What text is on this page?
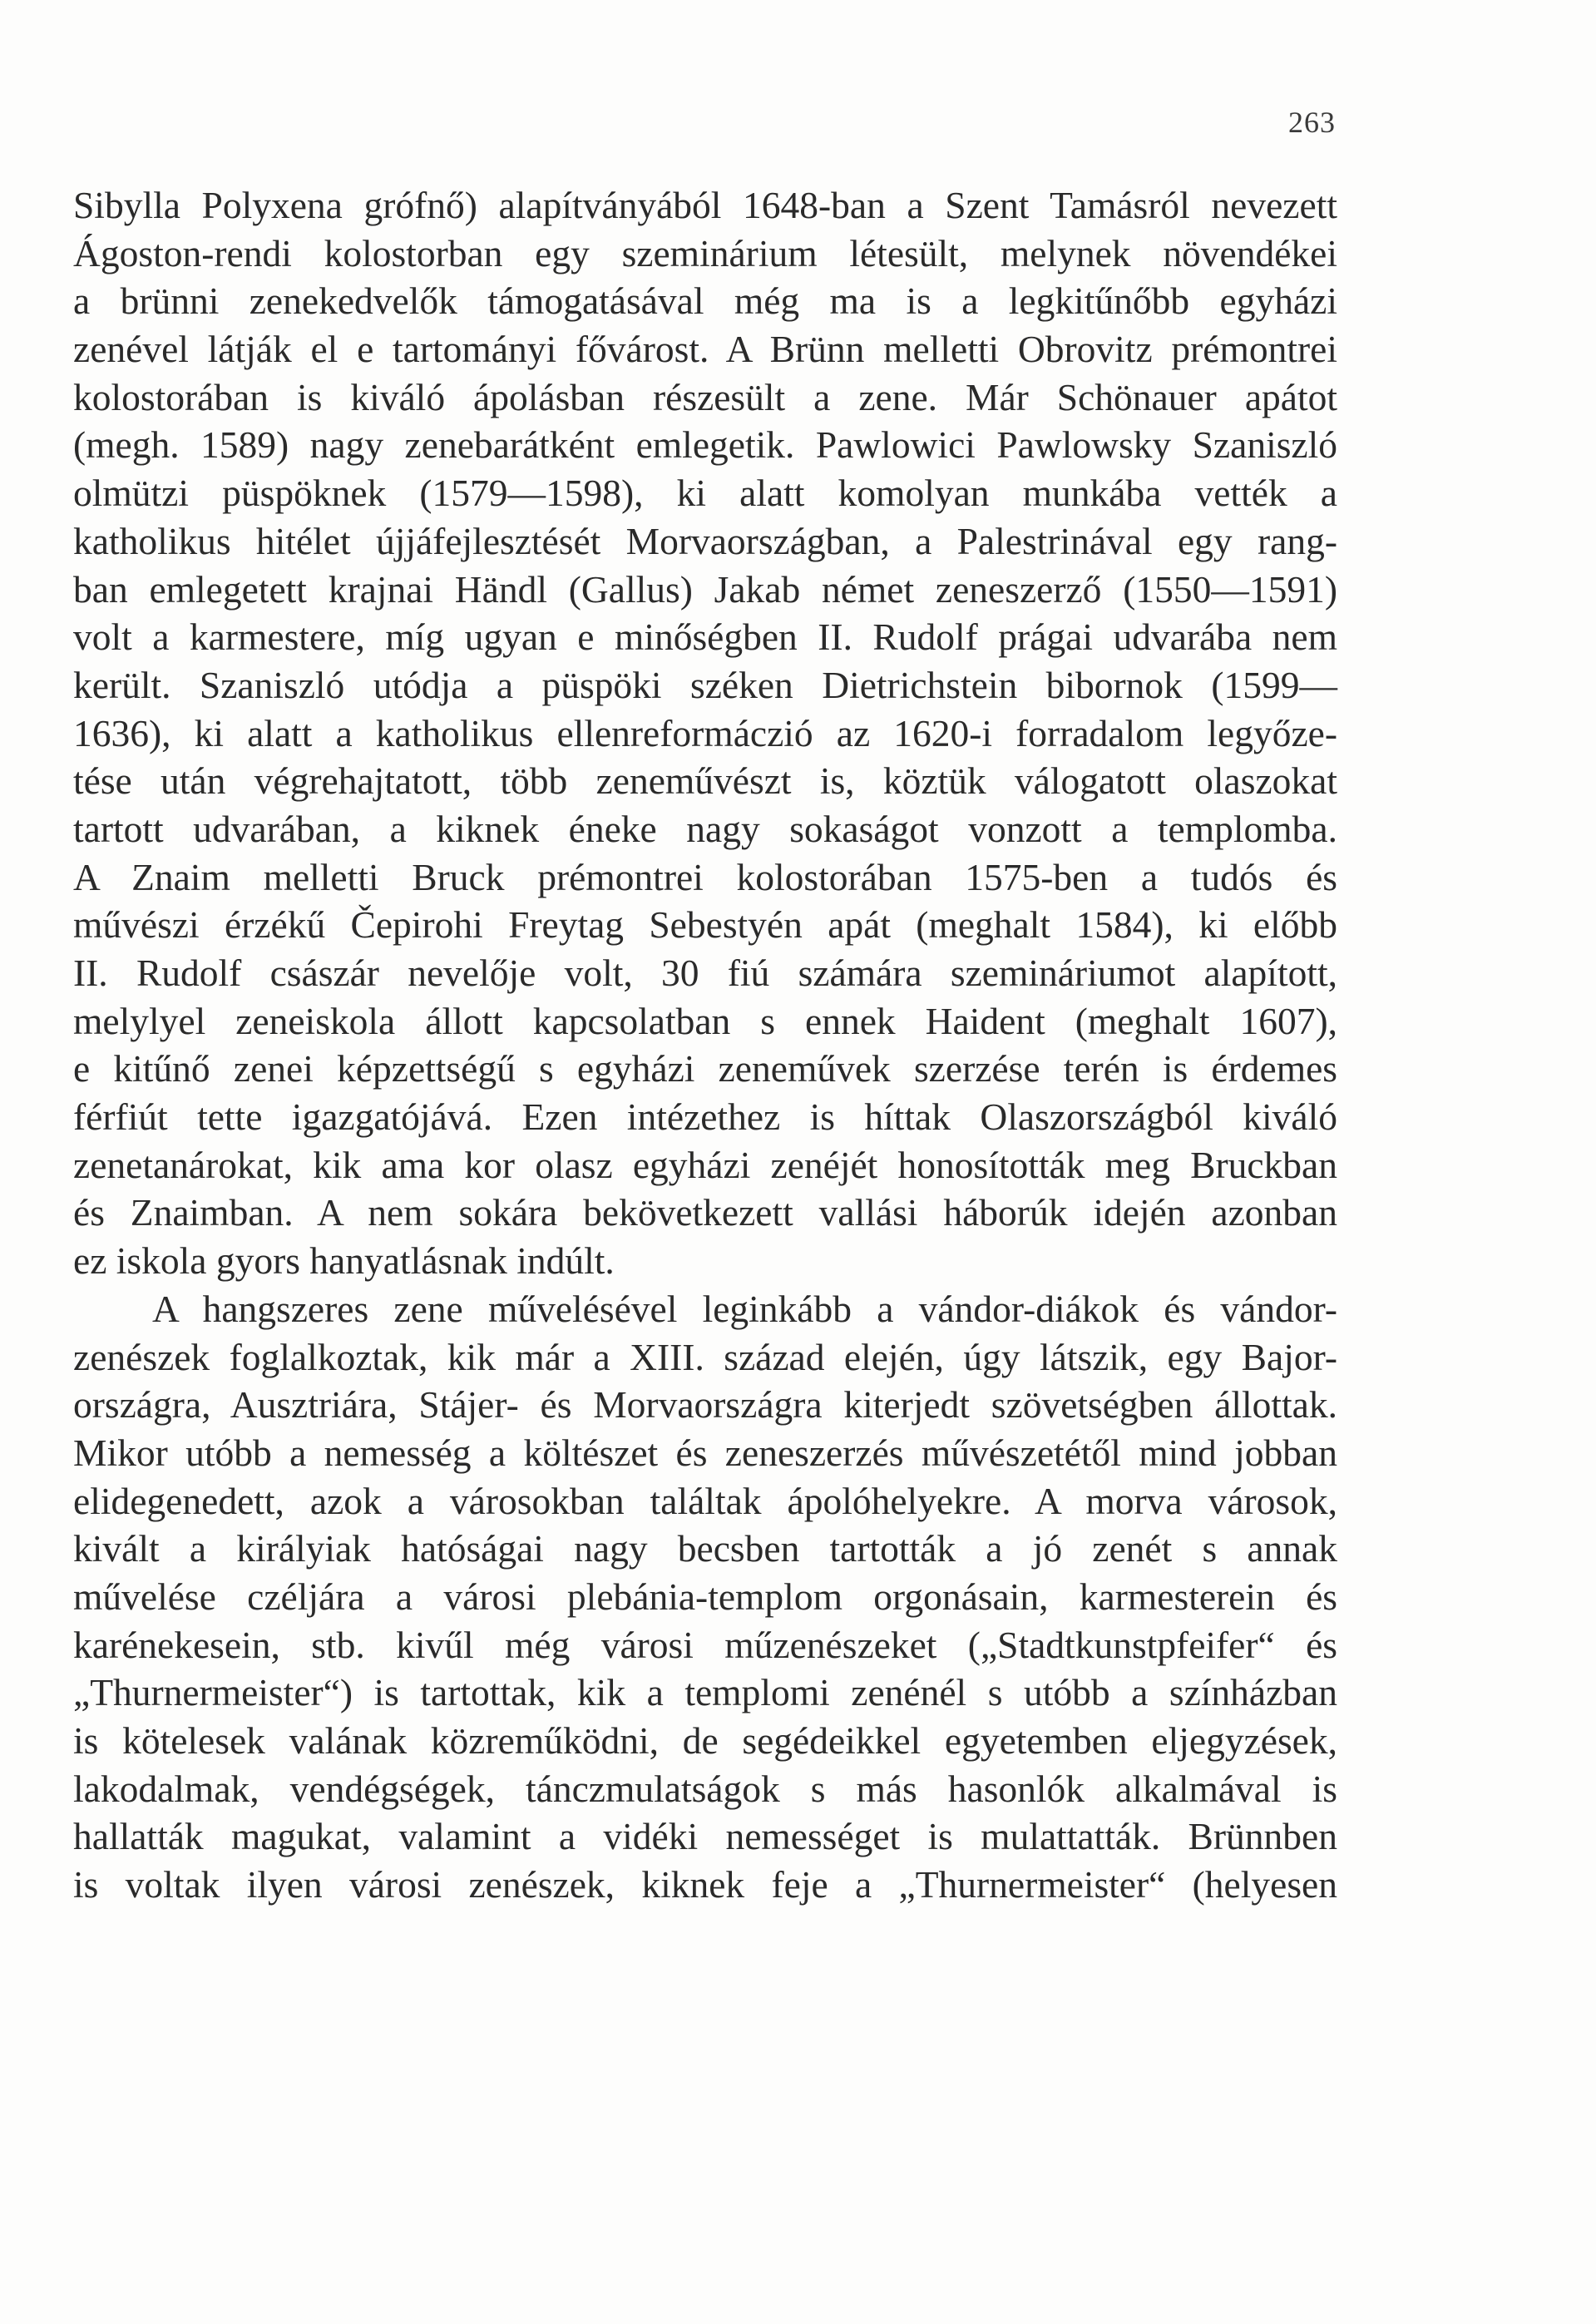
263
Sibylla Polyxena grófnő) alapítványából 1648-ban a Szent Tamásról nevezett
Ágoston-rendi kolostorban egy szeminárium létesült, melynek növendékei
a brünni zenekedvelők támogatásával még ma is a legkitűnőbb egyházi
zenével látják el e tartományi fővárost. A Brünn melletti Obrovitz prémontrei
kolostorában is kiváló ápolásban részesült a zene. Már Schönauer apátot
(megh. 1589) nagy zenebarátként emlegetik. Pawlowici Pawlowsky Szaniszló
olmützi püspöknek (1579—1598), ki alatt komolyan munkába vették a
katholikus hitélet újjáfejlesztését Morvaországban, a Palestrinával egy rang-
ban emlegetett krajnai Händl (Gallus) Jakab német zeneszerző (1550—1591)
volt a karmestere, míg ugyan e minőségben II. Rudolf prágai udvarába nem
került. Szaniszló utódja a püspöki széken Dietrichstein bibornok (1599—
1636), ki alatt a katholikus ellenreformáczió az 1620-i forradalom legyőze-
tése után végrehajtatott, több zeneművészt is, köztük válogatott olaszokat
tartott udvarában, a kiknek éneke nagy sokaságot vonzott a templomba.
A Znaim melletti Bruck prémontrei kolostorában 1575-ben a tudós és
művészi érzékű Čepirohi Freytag Sebestyén apát (meghalt 1584), ki előbb
II. Rudolf császár nevelője volt, 30 fiú számára szemináriumot alapított,
melylyel zeneiskola állott kapcsolatban s ennek Haident (meghalt 1607),
e kitűnő zenei képzettségű s egyházi zeneművek szerzése terén is érdemes
férfiút tette igazgatójává. Ezen intézethez is híttak Olaszországból kiváló
zenetanárokat, kik ama kor olasz egyházi zenéjét honosították meg Bruckban
és Znaimban. A nem sokára bekövetkezett vallási háborúk idején azonban
ez iskola gyors hanyatlásnak indúlt.
A hangszeres zene művelésével leginkább a vándor-diákok és vándor-
zenészek foglalkoztak, kik már a XIII. század elején, úgy látszik, egy Bajor-
országra, Ausztriára, Stájer- és Morvaországra kiterjedt szövetségben állottak.
Mikor utóbb a nemesség a költészet és zeneszerzés művészetétől mind jobban
elidegenedett, azok a városokban találtak ápolóhelyekre. A morva városok,
kivált a királyiak hatóságai nagy becsben tartották a jó zenét s annak
művelése czéljára a városi plebánia-templom orgonásain, karmesterein és
karénekesein, stb. kivűl még városi műzenészeket („Stadtkunstpfeifer“ és
„Thurnermeister“) is tartottak, kik a templomi zenénél s utóbb a színházban
is kötelesek valának közreműködni, de segédeikkel egyetemben eljegyzések,
lakodalmak, vendégségek, tánczmulatságok s más hasonlók alkalmával is
hallatták magukat, valamint a vidéki nemességet is mulattatták. Brünnben
is voltak ilyen városi zenészek, kiknek feje a „Thurnermeister“ (helyesen
